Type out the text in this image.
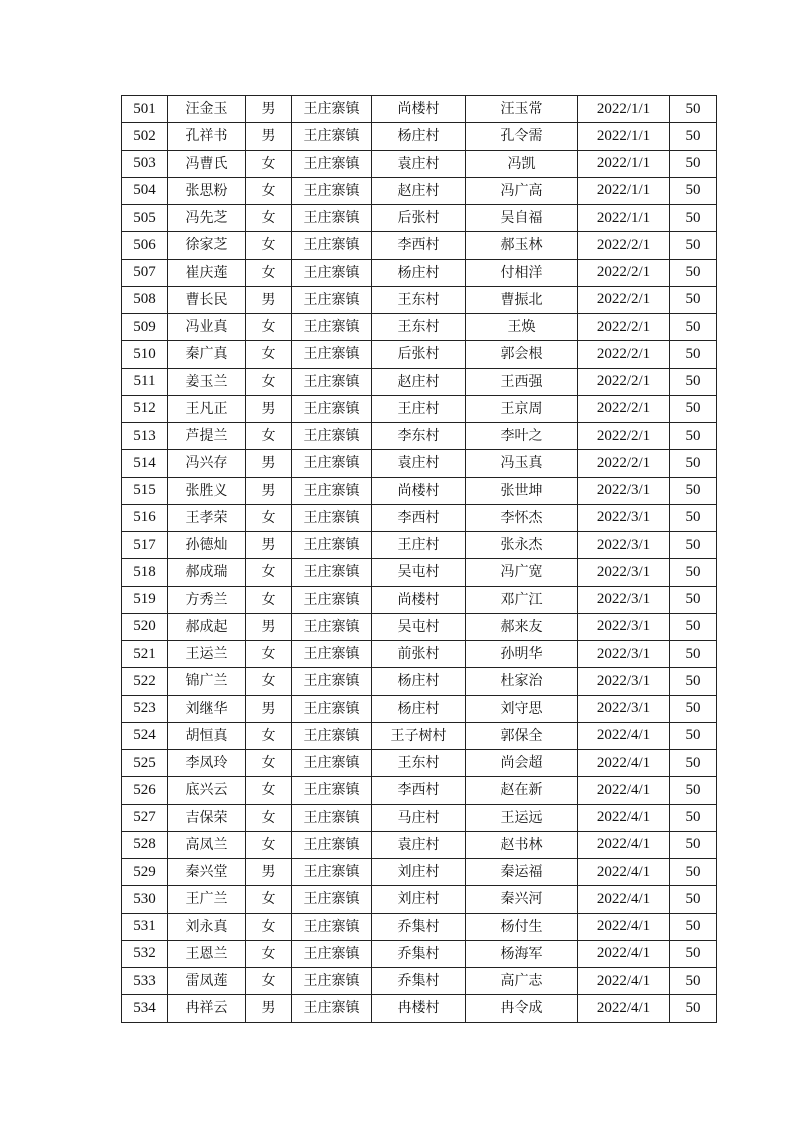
501	汪金玉	男	王庄寨镇	尚楼村	汪玉常	2022/1/1	50
502	孔祥书	男	王庄寨镇	杨庄村	孔令需	2022/1/1	50
503	冯曹氏	女	王庄寨镇	袁庄村	冯凯	2022/1/1	50
504	张思粉	女	王庄寨镇	赵庄村	冯广高	2022/1/1	50
505	冯先芝	女	王庄寨镇	后张村	吴自福	2022/1/1	50
506	徐家芝	女	王庄寨镇	李西村	郝玉林	2022/2/1	50
507	崔庆莲	女	王庄寨镇	杨庄村	付相洋	2022/2/1	50
508	曹长民	男	王庄寨镇	王东村	曹振北	2022/2/1	50
509	冯业真	女	王庄寨镇	王东村	王焕	2022/2/1	50
510	秦广真	女	王庄寨镇	后张村	郭会根	2022/2/1	50
511	姜玉兰	女	王庄寨镇	赵庄村	王西强	2022/2/1	50
512	王凡正	男	王庄寨镇	王庄村	王京周	2022/2/1	50
513	芦提兰	女	王庄寨镇	李东村	李叶之	2022/2/1	50
514	冯兴存	男	王庄寨镇	袁庄村	冯玉真	2022/2/1	50
515	张胜义	男	王庄寨镇	尚楼村	张世坤	2022/3/1	50
516	王孝荣	女	王庄寨镇	李西村	李怀杰	2022/3/1	50
517	孙德灿	男	王庄寨镇	王庄村	张永杰	2022/3/1	50
518	郝成瑞	女	王庄寨镇	吴屯村	冯广宽	2022/3/1	50
519	方秀兰	女	王庄寨镇	尚楼村	邓广江	2022/3/1	50
520	郝成起	男	王庄寨镇	吴屯村	郝来友	2022/3/1	50
521	王运兰	女	王庄寨镇	前张村	孙明华	2022/3/1	50
522	锦广兰	女	王庄寨镇	杨庄村	杜家治	2022/3/1	50
523	刘继华	男	王庄寨镇	杨庄村	刘守思	2022/3/1	50
524	胡恒真	女	王庄寨镇	王子树村	郭保全	2022/4/1	50
525	李凤玲	女	王庄寨镇	王东村	尚会超	2022/4/1	50
526	底兴云	女	王庄寨镇	李西村	赵在新	2022/4/1	50
527	吉保荣	女	王庄寨镇	马庄村	王运远	2022/4/1	50
528	高凤兰	女	王庄寨镇	袁庄村	赵书林	2022/4/1	50
529	秦兴堂	男	王庄寨镇	刘庄村	秦运福	2022/4/1	50
530	王广兰	女	王庄寨镇	刘庄村	秦兴河	2022/4/1	50
531	刘永真	女	王庄寨镇	乔集村	杨付生	2022/4/1	50
532	王恩兰	女	王庄寨镇	乔集村	杨海军	2022/4/1	50
533	雷凤莲	女	王庄寨镇	乔集村	高广志	2022/4/1	50
534	冉祥云	男	王庄寨镇	冉楼村	冉令成	2022/4/1	50
